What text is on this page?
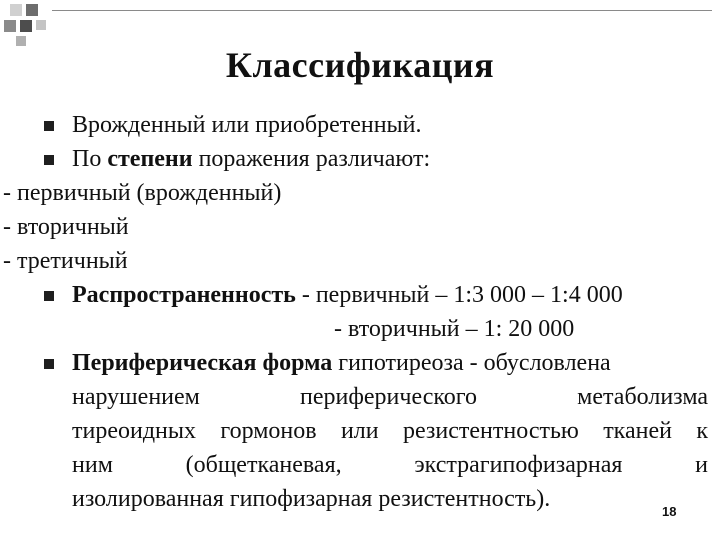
Классификация
Врожденный или приобретенный.
По степени поражения различают:
- первичный (врожденный)
- вторичный
- третичный
Распространенность - первичный – 1:3 000 – 1:4 000
- вторичный – 1: 20 000
Периферическая форма гипотиреоза - обусловлена
нарушением периферического метаболизма
тиреоидных гормонов или резистентностью тканей к
ним (общетканевая, экстрагипофизарная и
изолированная гипофизарная резистентность).	18
